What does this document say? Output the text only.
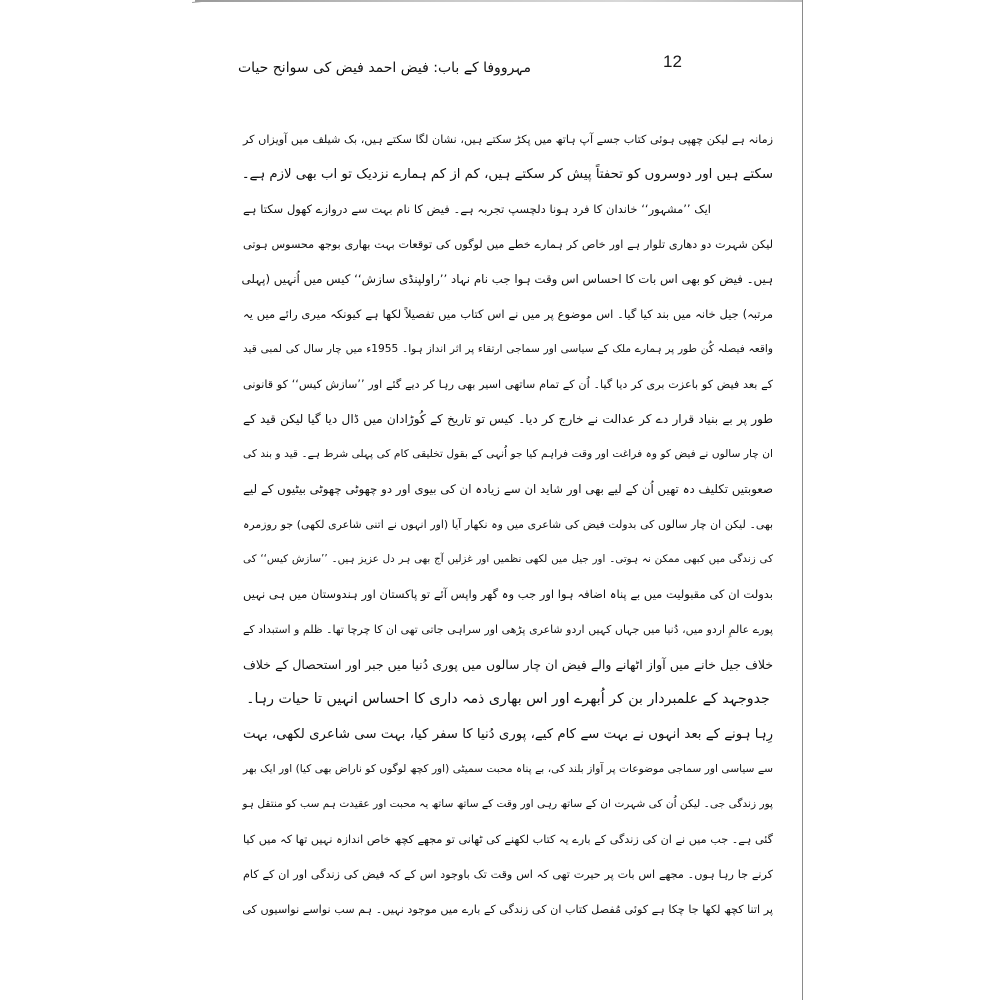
12
مہرووفا کے باب: فیض احمد فیض کی سوانح حیات
زمانہ ہے لیکن چھپی ہوئی کتاب جسے آپ ہاتھ میں پکڑ سکتے ہیں، نشان لگا سکتے ہیں، بک شیلف میں آویزاں کر
سکتے ہیں اور دوسروں کو تحفتاً پیش کر سکتے ہیں، کم از کم ہمارے نزدیک تو اب بھی لازم ہے۔
ایک ’’مشہور‘‘ خاندان کا فرد ہونا دلچسپ تجربہ ہے۔ فیض کا نام بہت سے دروازے کھول سکتا ہے
لیکن شہرت دو دھاری تلوار ہے اور خاص کر ہمارے خطے میں لوگوں کی توقعات بہت بھاری بوجھ محسوس ہوتی
ہیں۔ فیض کو بھی اس بات کا احساس اس وقت ہوا جب نام نہاد ’’راولپنڈی سازش‘‘ کیس میں اُنہیں (پہلی
مرتبہ) جیل خانہ میں بند کیا گیا۔ اس موضوع پر میں نے اس کتاب میں تفصیلاً لکھا ہے کیونکہ میری رائے میں یہ
واقعہ فیصلہ کُن طور پر ہمارے ملک کے سیاسی اور سماجی ارتقاء پر اثر انداز ہوا۔ 1955ء میں چار سال کی لمبی قید
کے بعد فیض کو باعزت بری کر دیا گیا۔ اُن کے تمام ساتھی اسیر بھی رہا کر دیے گئے اور ’’سازش کیس‘‘ کو قانونی
طور پر بے بنیاد قرار دے کر عدالت نے خارج کر دیا۔ کیس تو تاریخ کے کُوڑادان میں ڈال دیا گیا لیکن قید کے
ان چار سالوں نے فیض کو وہ فراغت اور وقت فراہم کیا جو اُنہی کے بقول تخلیقی کام کی پہلی شرط ہے۔ قید و بند کی
صعوبتیں تکلیف دہ تھیں اُن کے لیے بھی اور شاید ان سے زیادہ ان کی بیوی اور دو چھوٹی چھوٹی بیٹیوں کے لیے
بھی۔ لیکن ان چار سالوں کی بدولت فیض کی شاعری میں وہ نکھار آیا (اور انہوں نے اتنی شاعری لکھی) جو روزمرہ
کی زندگی میں کبھی ممکن نہ ہوتی۔ اور جیل میں لکھی نظمیں اور غزلیں آج بھی ہر دل عزیز ہیں۔ ’’سازش کیس‘‘ کی
بدولت ان کی مقبولیت میں بے پناہ اضافہ ہوا اور جب وہ گھر واپس آئے تو پاکستان اور ہندوستان میں ہی نہیں
پورے عالمِ اردو میں، دُنیا میں جہاں کہیں اردو شاعری پڑھی اور سراہی جاتی تھی ان کا چرچا تھا۔ ظلم و استبداد کے
خلاف جیل خانے میں آواز اٹھانے والے فیض ان چار سالوں میں پوری دُنیا میں جبر اور استحصال کے خلاف
جدوجہد کے علمبردار بن کر اُبھرے اور اس بھاری ذمہ داری کا احساس انہیں تا حیات رہا۔
رِہا ہونے کے بعد انہوں نے بہت سے کام کیے، پوری دُنیا کا سفر کیا، بہت سی شاعری لکھی، بہت
سے سیاسی اور سماجی موضوعات پر آواز بلند کی، بے پناہ محبت سمیٹی (اور کچھ لوگوں کو ناراض بھی کیا) اور ایک بھر
پور زندگی جی۔ لیکن اُن کی شہرت ان کے ساتھ رہی اور وقت کے ساتھ ساتھ یہ محبت اور عقیدت ہم سب کو منتقل ہو
گئی ہے۔ جب میں نے ان کی زندگی کے بارے یہ کتاب لکھنے کی ٹھانی تو مجھے کچھ خاص اندازہ نہیں تھا کہ میں کیا
کرنے جا رہا ہوں۔ مجھے اس بات پر حیرت تھی کہ اس وقت تک باوجود اس کے کہ فیض کی زندگی اور ان کے کام
پر اتنا کچھ لکھا جا چکا ہے کوئی مُفصل کتاب ان کی زندگی کے بارے میں موجود نہیں۔ ہم سب نواسے نواسیوں کی
